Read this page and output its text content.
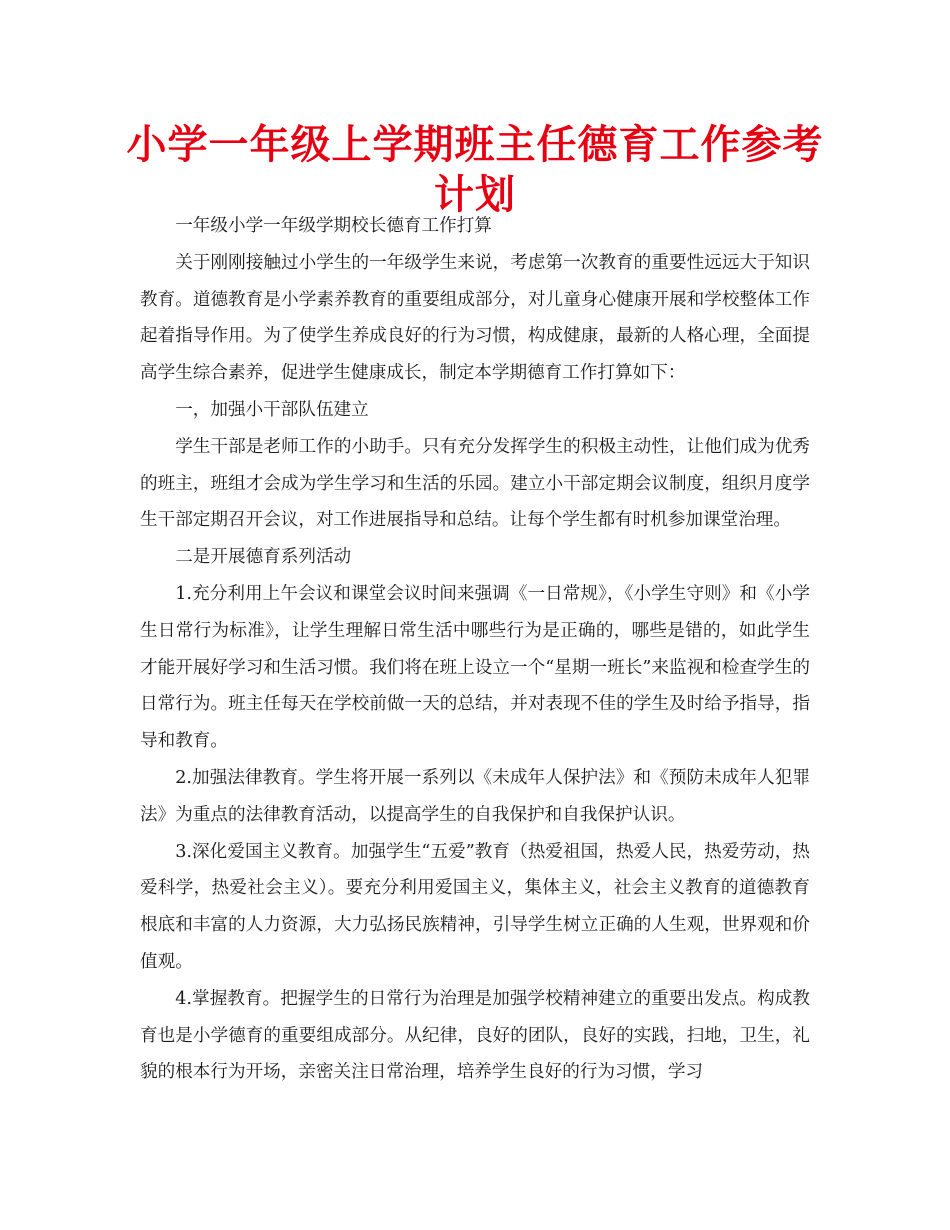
小学一年级上学期班主任德育工作参考计划

一年级小学一年级学期校长德育工作打算

关于刚刚接触过小学生的一年级学生来说，考虑第一次教育的重要性远远大于知识教育。道德教育是小学素养教育的重要组成部分，对儿童身心健康开展和学校整体工作起着指导作用。为了使学生养成良好的行为习惯，构成健康，最新的人格心理，全面提高学生综合素养，促进学生健康成长，制定本学期德育工作打算如下：

一，加强小干部队伍建立

学生干部是老师工作的小助手。只有充分发挥学生的积极主动性，让他们成为优秀的班主，班组才会成为学生学习和生活的乐园。建立小干部定期会议制度，组织月度学生干部定期召开会议，对工作进展指导和总结。让每个学生都有时机参加课堂治理。

二是开展德育系列活动

1.充分利用上午会议和课堂会议时间来强调《一日常规》，《小学生守则》和《小学生日常行为标准》，让学生理解日常生活中哪些行为是正确的，哪些是错的，如此学生才能开展好学习和生活习惯。我们将在班上设立一个“星期一班长”来监视和检查学生的日常行为。班主任每天在学校前做一天的总结，并对表现不佳的学生及时给予指导，指导和教育。

2.加强法律教育。学生将开展一系列以《未成年人保护法》和《预防未成年人犯罪法》为重点的法律教育活动，以提高学生的自我保护和自我保护认识。

3.深化爱国主义教育。加强学生“五爱”教育（热爱祖国，热爱人民，热爱劳动，热爱科学，热爱社会主义）。要充分利用爱国主义，集体主义，社会主义教育的道德教育根底和丰富的人力资源，大力弘扬民族精神，引导学生树立正确的人生观，世界观和价值观。

4.掌握教育。把握学生的日常行为治理是加强学校精神建立的重要出发点。构成教育也是小学德育的重要组成部分。从纪律，良好的团队，良好的实践，扫地，卫生，礼貌的根本行为开场，亲密关注日常治理，培养学生良好的行为习惯，学习
